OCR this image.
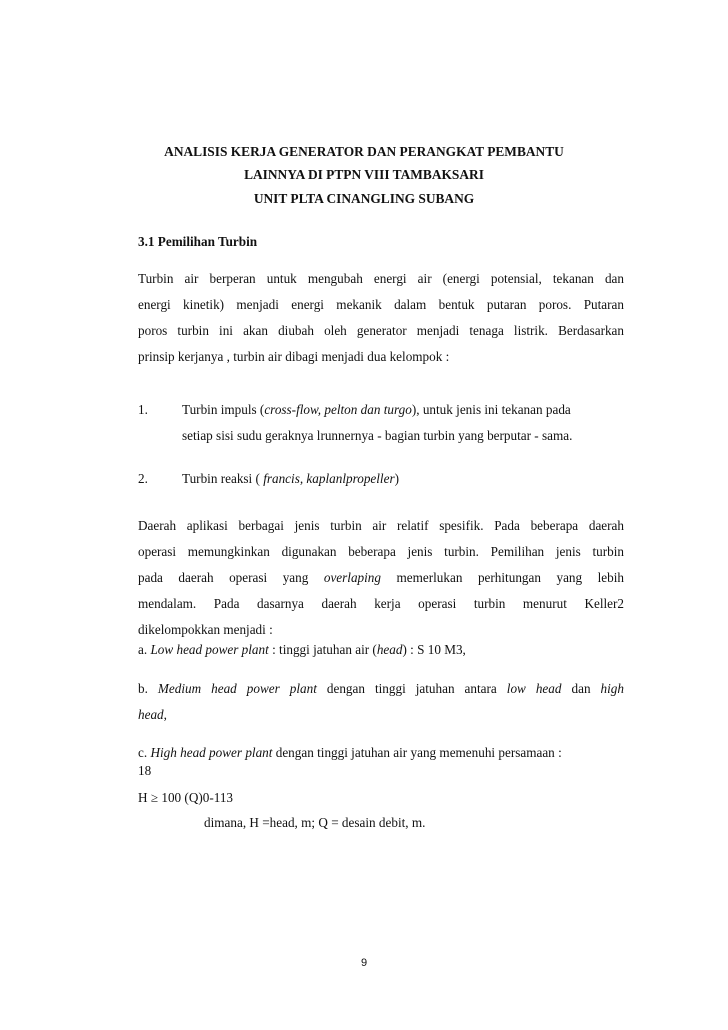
ANALISIS KERJA GENERATOR DAN PERANGKAT PEMBANTU
LAINNYA DI PTPN VIII TAMBAKSARI
UNIT PLTA CINANGLING SUBANG
3.1 Pemilihan Turbin
Turbin air berperan untuk mengubah energi air (energi potensial, tekanan dan
energi kinetik) menjadi energi mekanik dalam bentuk putaran poros. Putaran
poros turbin ini akan diubah oleh generator menjadi tenaga listrik. Berdasarkan
prinsip kerjanya , turbin air dibagi menjadi dua kelompok :
1.	Turbin impuls (cross-flow, pelton dan turgo), untuk jenis ini tekanan pada
setiap sisi sudu geraknya lrunnernya - bagian turbin yang berputar - sama.
2.	Turbin reaksi ( francis, kaplanlpropeller)
Daerah aplikasi berbagai jenis turbin air relatif spesifik. Pada beberapa daerah
operasi memungkinkan digunakan beberapa jenis turbin. Pemilihan jenis turbin
pada daerah operasi yang overlaping memerlukan perhitungan yang lebih
mendalam. Pada dasarnya daerah kerja operasi turbin menurut Keller2
dikelompokkan menjadi :
a. Low head power plant : tinggi jatuhan air (head) : S 10 M3,
b. Medium head power plant dengan tinggi jatuhan antara low head dan high
head,
c. High head power plant dengan tinggi jatuhan air yang memenuhi persamaan :
18
H ≥ 100 (Q)0-113
dimana, H =head, m; Q = desain debit, m.
9
